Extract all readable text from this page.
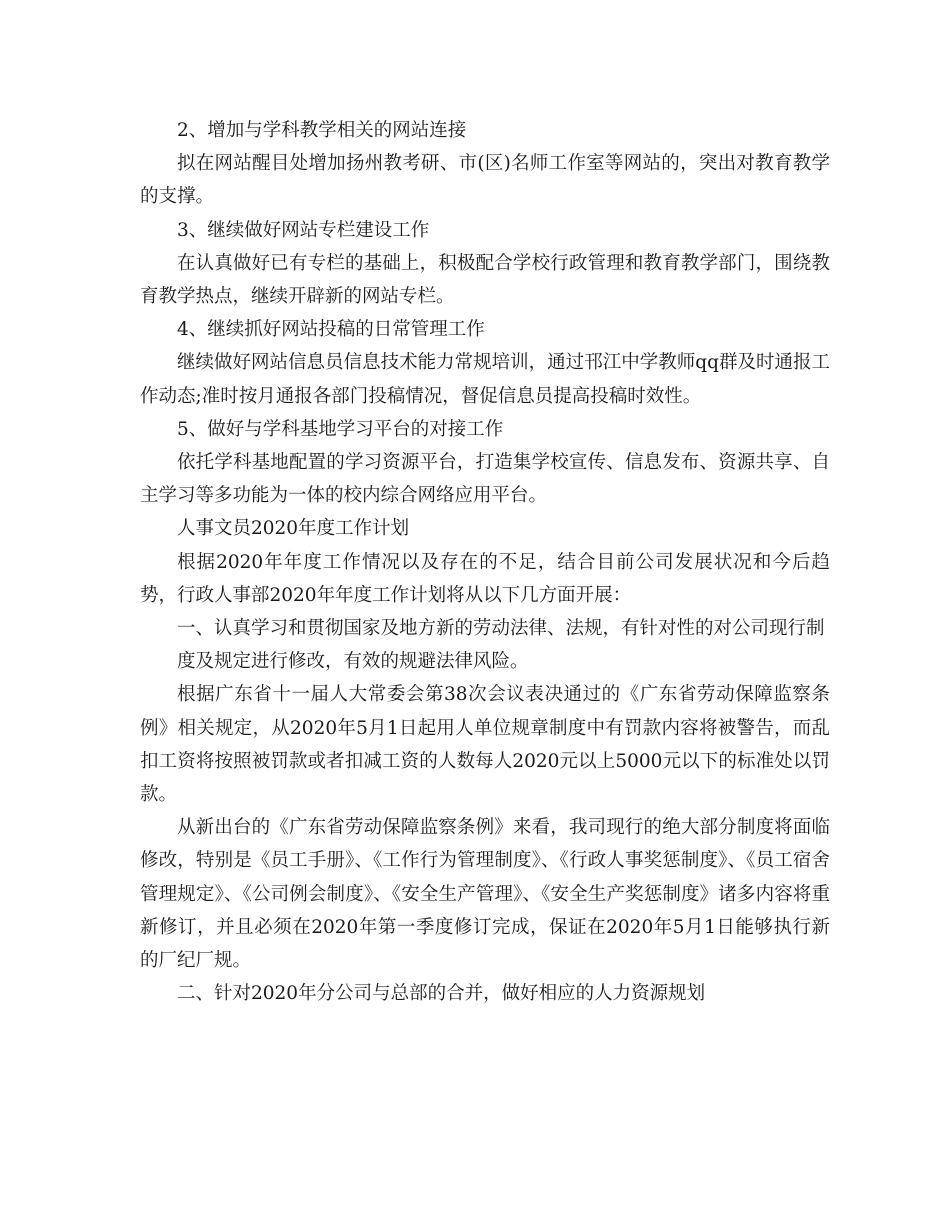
2、增加与学科教学相关的网站连接

拟在网站醒目处增加扬州教考研、市(区)名师工作室等网站的，突出对教育教学的支撑。

3、继续做好网站专栏建设工作

在认真做好已有专栏的基础上，积极配合学校行政管理和教育教学部门，围绕教育教学热点，继续开辟新的网站专栏。

4、继续抓好网站投稿的日常管理工作

继续做好网站信息员信息技术能力常规培训，通过邗江中学教师qq群及时通报工作动态;准时按月通报各部门投稿情况，督促信息员提高投稿时效性。

5、做好与学科基地学习平台的对接工作

依托学科基地配置的学习资源平台，打造集学校宣传、信息发布、资源共享、自主学习等多功能为一体的校内综合网络应用平台。

人事文员2020年度工作计划

根据2020年年度工作情况以及存在的不足，结合目前公司发展状况和今后趋势，行政人事部2020年年度工作计划将从以下几方面开展：

一、认真学习和贯彻国家及地方新的劳动法律、法规，有针对性的对公司现行制

度及规定进行修改，有效的规避法律风险。

根据广东省十一届人大常委会第38次会议表决通过的《广东省劳动保障监察条例》相关规定，从2020年5月1日起用人单位规章制度中有罚款内容将被警告，而乱扣工资将按照被罚款或者扣减工资的人数每人2020元以上5000元以下的标准处以罚款。

从新出台的《广东省劳动保障监察条例》来看，我司现行的绝大部分制度将面临修改，特别是《员工手册》、《工作行为管理制度》、《行政人事奖惩制度》、《员工宿舍管理规定》、《公司例会制度》、《安全生产管理》、《安全生产奖惩制度》诸多内容将重新修订，并且必须在2020年第一季度修订完成，保证在2020年5月1日能够执行新的厂纪厂规。

二、针对2020年分公司与总部的合并，做好相应的人力资源规划
